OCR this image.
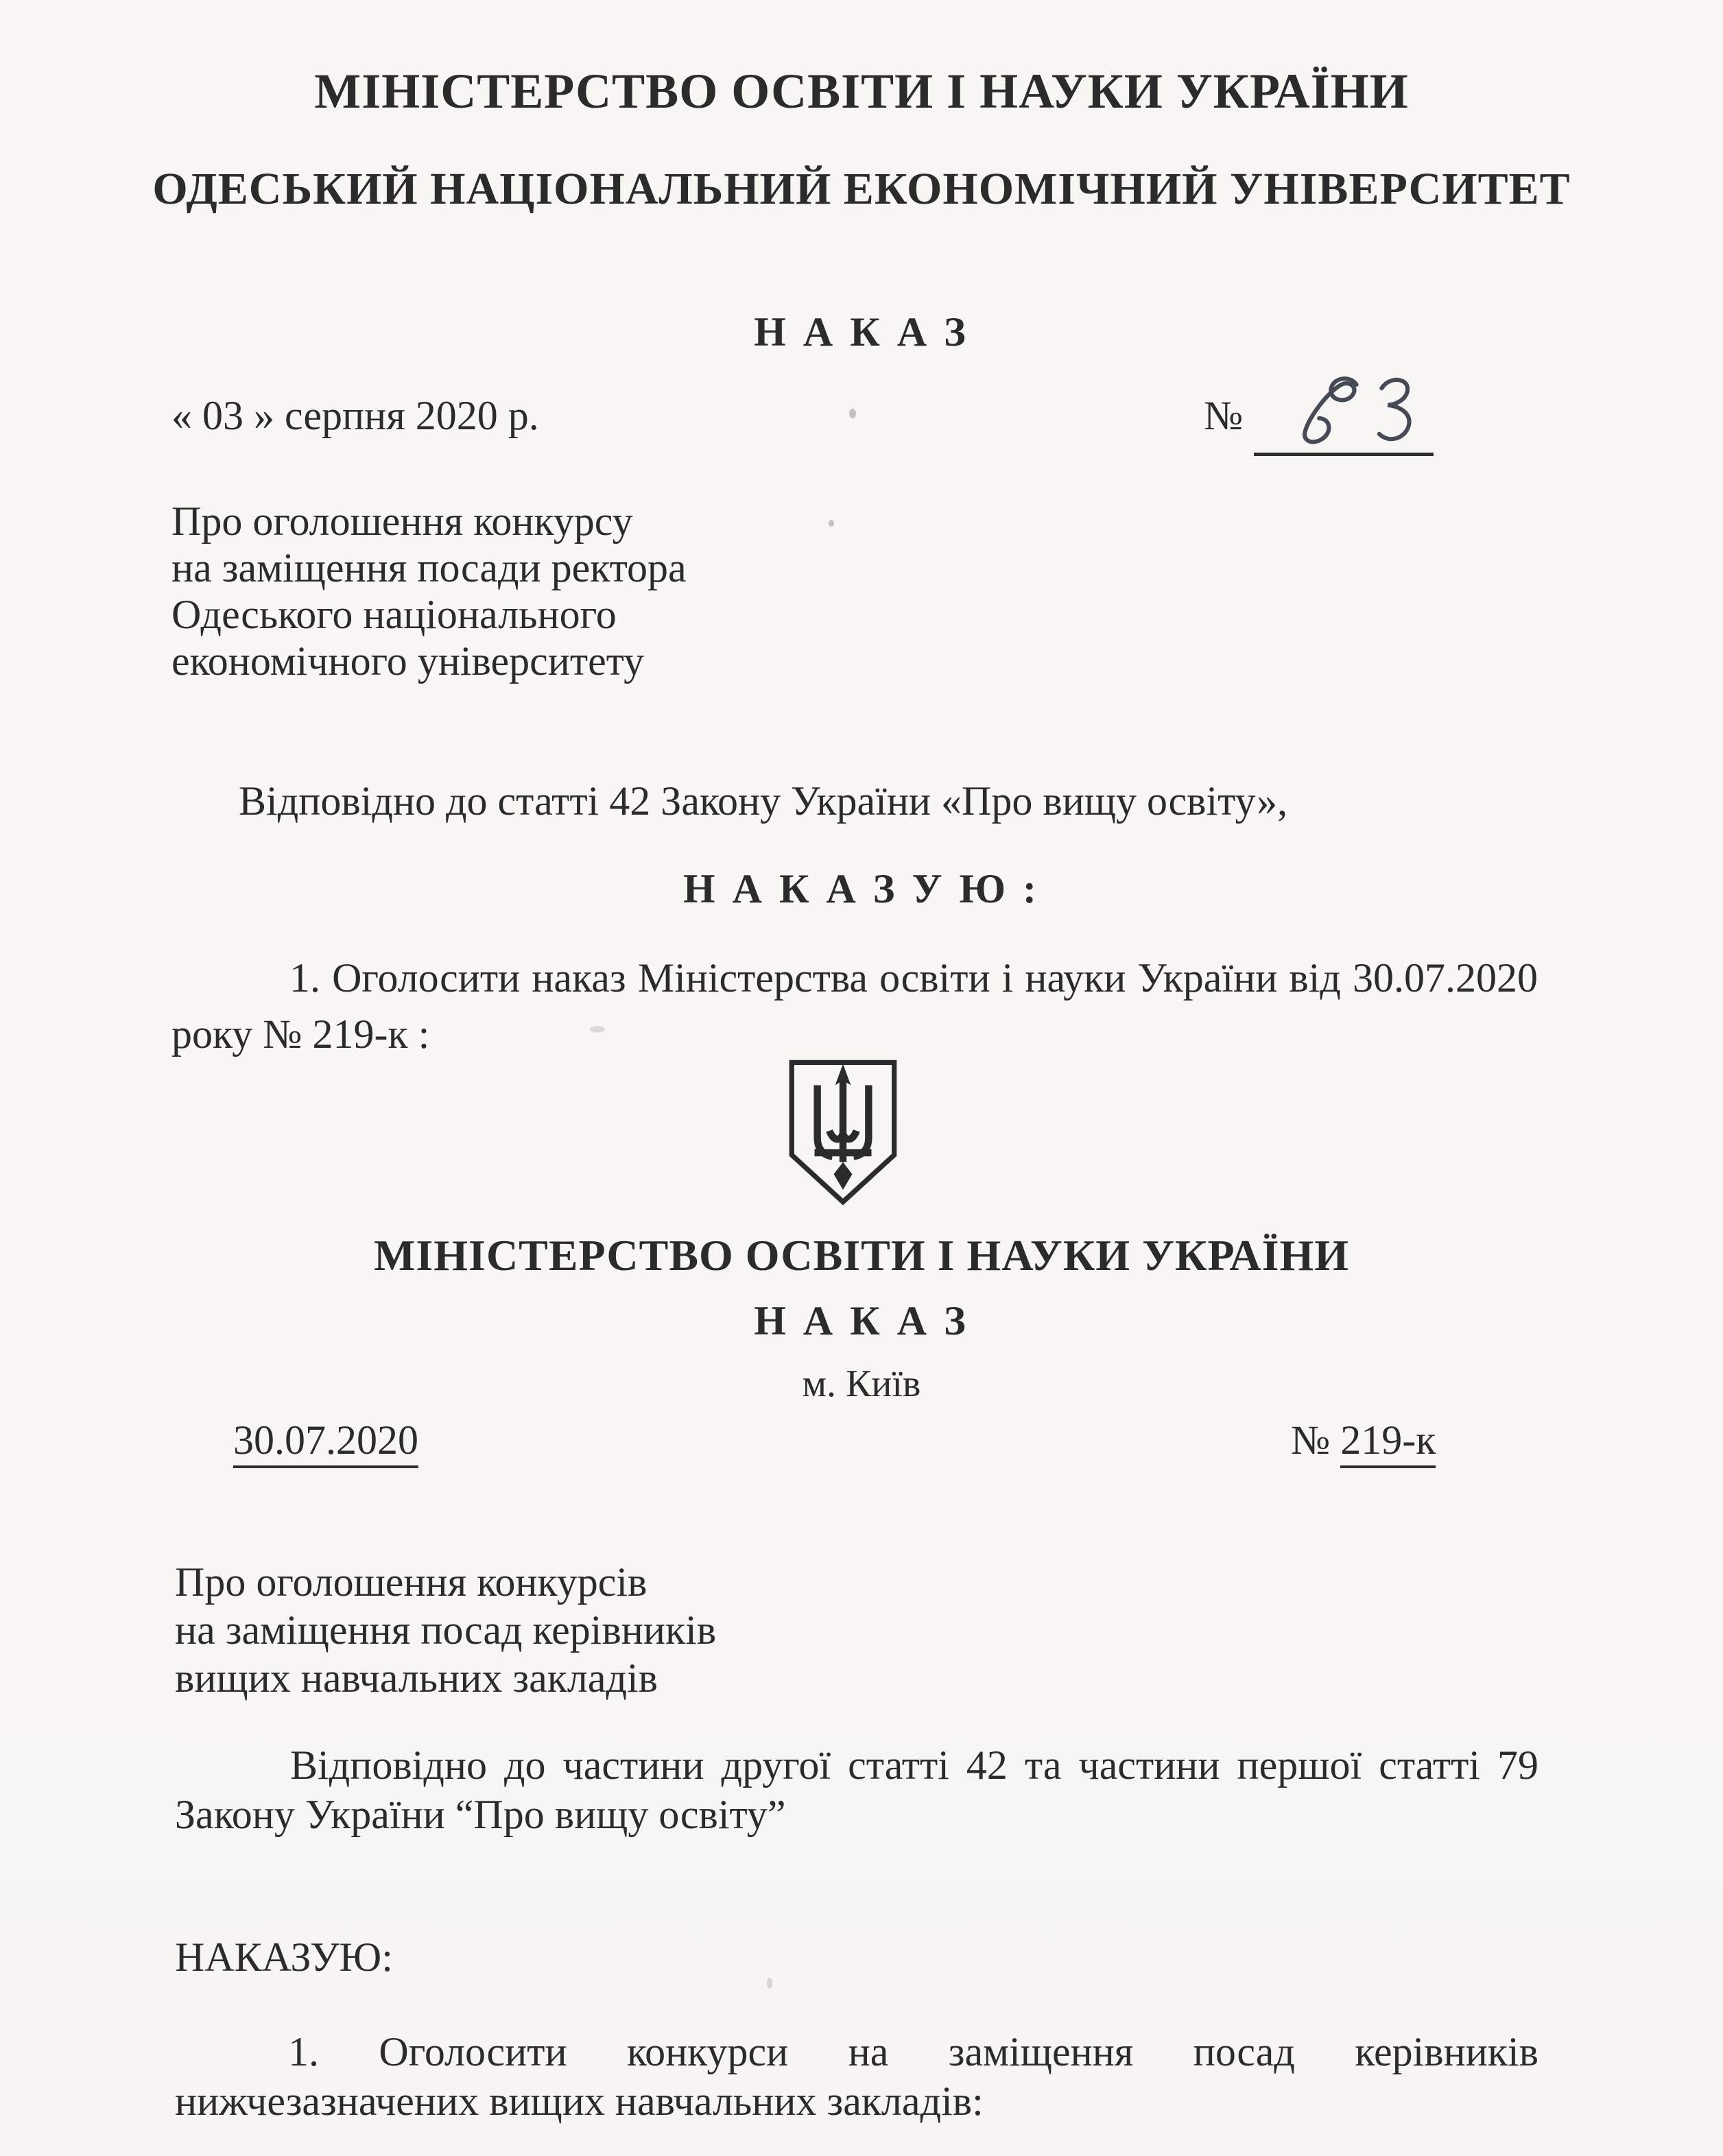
МІНІСТЕРСТВО ОСВІТИ І НАУКИ УКРАЇНИ
ОДЕСЬКИЙ НАЦІОНАЛЬНИЙ ЕКОНОМІЧНИЙ УНІВЕРСИТЕТ
Н А К А З
« 03 » серпня 2020 р.	№
Про оголошення конкурсу
на заміщення посади ректора
Одеського національного
економічного університету
Відповідно до статті 42 Закону України «Про вищу освіту»,
Н А К А З У Ю :
1. Оголосити наказ Міністерства освіти і науки України від 30.07.2020
року № 219-к :
МІНІСТЕРСТВО ОСВІТИ І НАУКИ УКРАЇНИ
Н А К А З
м. Київ
30.07.2020	№ 219-к
Про оголошення конкурсів
на заміщення посад керівників
вищих навчальних закладів
Відповідно до частини другої статті 42 та частини першої статті 79
Закону України “Про вищу освіту”
НАКАЗУЮ:
1. Оголосити конкурси на заміщення посад керівників
нижчезазначених вищих навчальних закладів:
